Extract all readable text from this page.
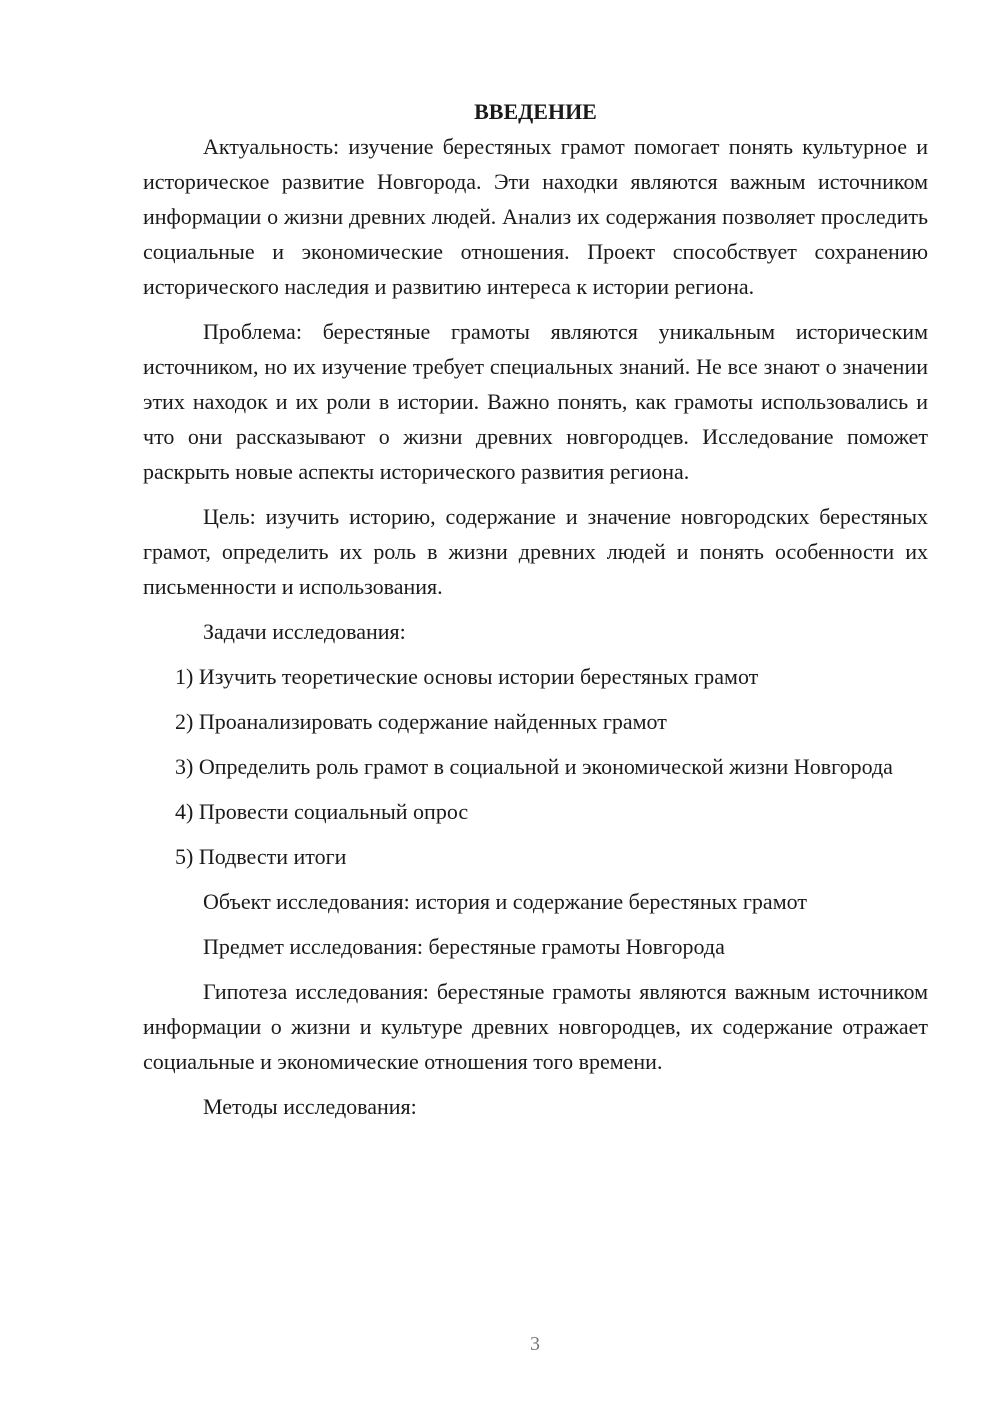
ВВЕДЕНИЕ

Актуальность: изучение берестяных грамот помогает понять культурное и историческое развитие Новгорода. Эти находки являются важным источником информации о жизни древних людей. Анализ их содержания позволяет проследить социальные и экономические отношения. Проект способствует сохранению исторического наследия и развитию интереса к истории региона.

Проблема: берестяные грамоты являются уникальным историческим источником, но их изучение требует специальных знаний. Не все знают о значении этих находок и их роли в истории. Важно понять, как грамоты использовались и что они рассказывают о жизни древних новгородцев. Исследование поможет раскрыть новые аспекты исторического развития региона.

Цель: изучить историю, содержание и значение новгородских берестяных грамот, определить их роль в жизни древних людей и понять особенности их письменности и использования.

Задачи исследования:

1) Изучить теоретические основы истории берестяных грамот

2) Проанализировать содержание найденных грамот

3) Определить роль грамот в социальной и экономической жизни Новгорода

4) Провести социальный опрос

5) Подвести итоги

Объект исследования: история и содержание берестяных грамот

Предмет исследования: берестяные грамоты Новгорода

Гипотеза исследования: берестяные грамоты являются важным источником информации о жизни и культуре древних новгородцев, их содержание отражает социальные и экономические отношения того времени.

Методы исследования:

3
